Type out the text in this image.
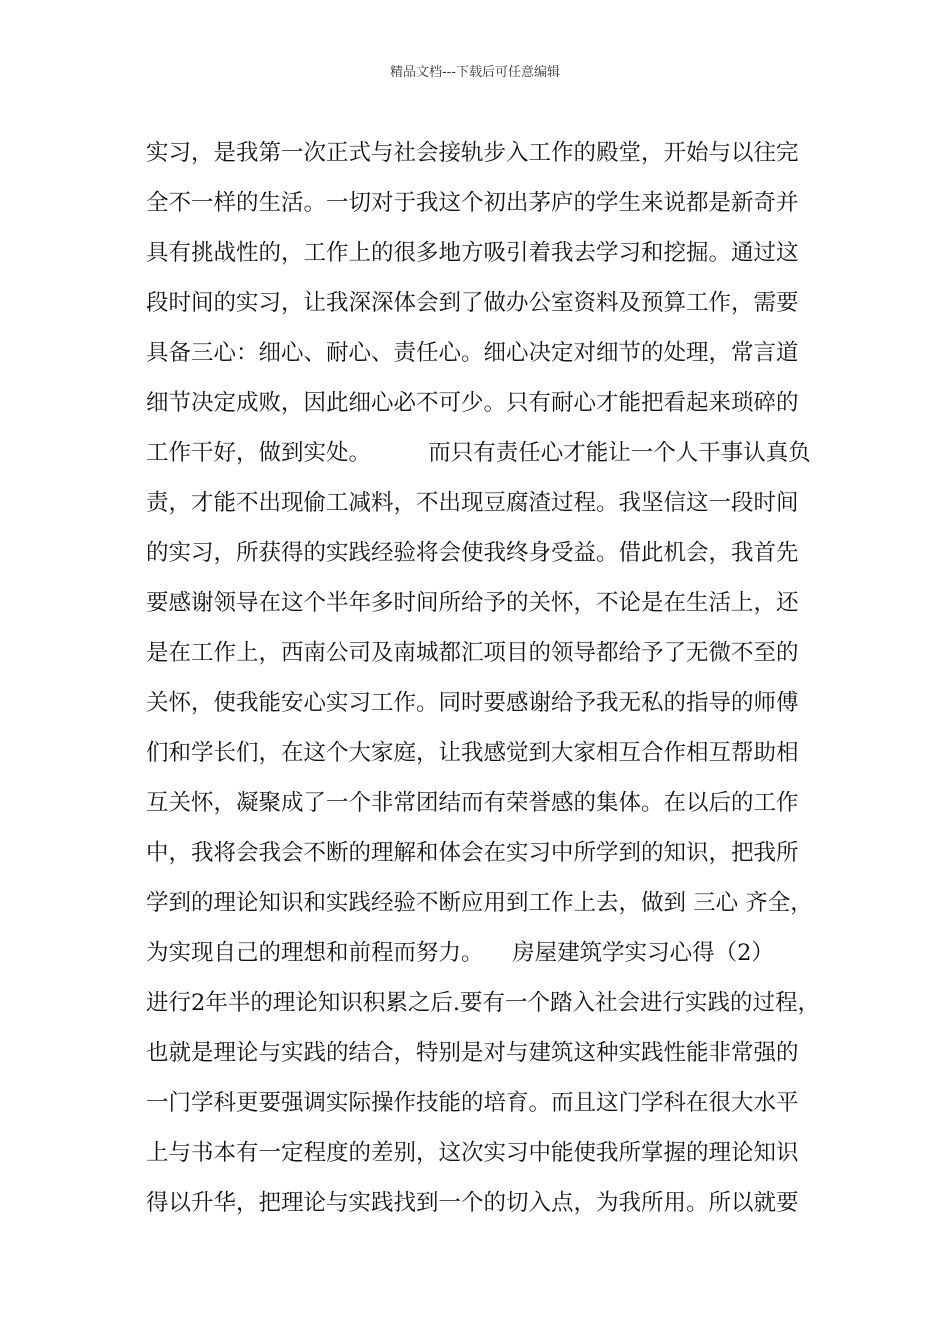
精品文档---下载后可任意编辑
实习，是我第一次正式与社会接轨步入工作的殿堂，开始与以往完
全不一样的生活。一切对于我这个初出茅庐的学生来说都是新奇并
具有挑战性的，工作上的很多地方吸引着我去学习和挖掘。通过这
段时间的实习，让我深深体会到了做办公室资料及预算工作，需要
具备三心：细心、耐心、责任心。细心决定对细节的处理，常言道
细节决定成败，因此细心必不可少。只有耐心才能把看起来琐碎的
工作干好，做到实处。        而只有责任心才能让一个人干事认真负
责，才能不出现偷工减料，不出现豆腐渣过程。我坚信这一段时间
的实习，所获得的实践经验将会使我终身受益。借此机会，我首先
要感谢领导在这个半年多时间所给予的关怀，不论是在生活上，还
是在工作上，西南公司及南城都汇项目的领导都给予了无微不至的
关怀，使我能安心实习工作。同时要感谢给予我无私的指导的师傅
们和学长们，在这个大家庭，让我感觉到大家相互合作相互帮助相
互关怀，凝聚成了一个非常团结而有荣誉感的集体。在以后的工作
中，我将会我会不断的理解和体会在实习中所学到的知识，把我所
学到的理论知识和实践经验不断应用到工作上去，做到 三心 齐全，
为实现自己的理想和前程而努力。    房屋建筑学实习心得（2）
进行2年半的理论知识积累之后.要有一个踏入社会进行实践的过程，
也就是理论与实践的结合，特别是对与建筑这种实践性能非常强的
一门学科更要强调实际操作技能的培育。而且这门学科在很大水平
上与书本有一定程度的差别，这次实习中能使我所掌握的理论知识
得以升华，把理论与实践找到一个的切入点，为我所用。所以就要
